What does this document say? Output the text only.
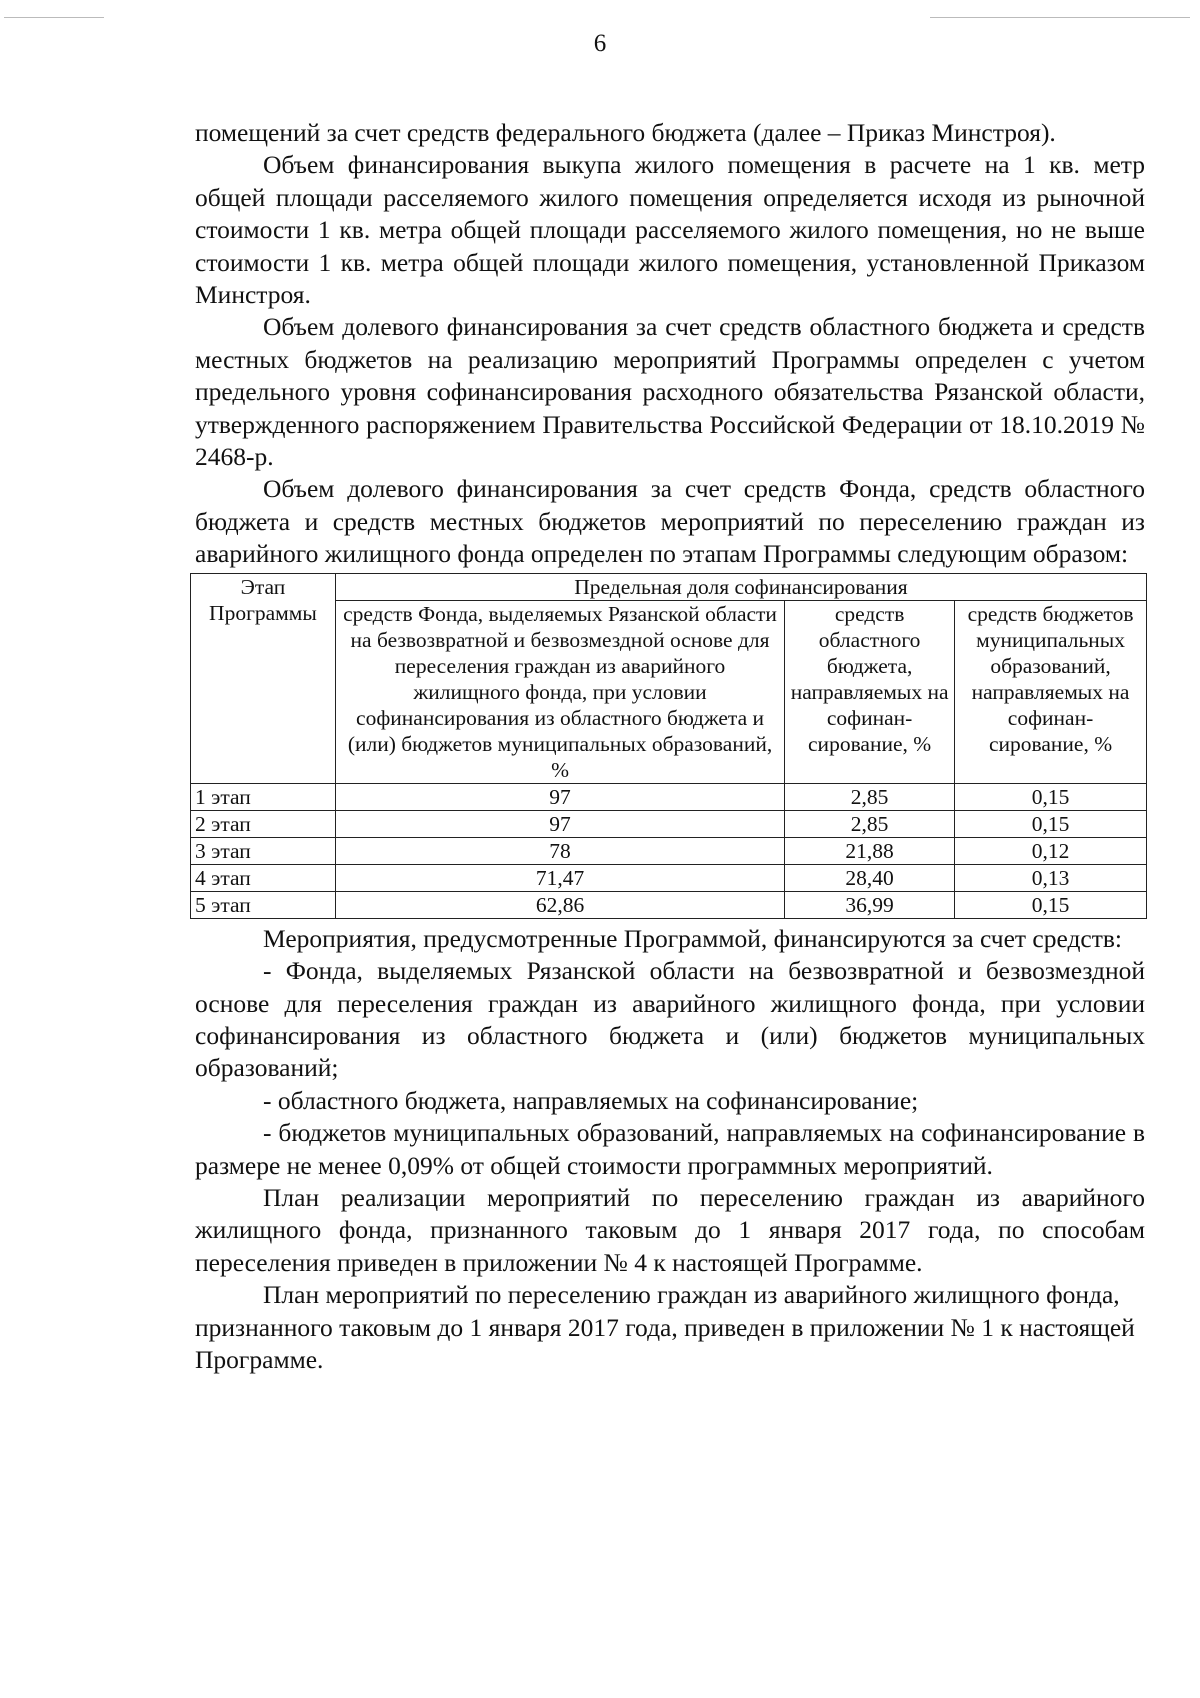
6

помещений за счет средств федерального бюджета (далее – Приказ Минстроя).

Объем финансирования выкупа жилого помещения в расчете на 1 кв. метр общей площади расселяемого жилого помещения определяется исходя из рыночной стоимости 1 кв. метра общей площади расселяемого жилого помещения, но не выше стоимости 1 кв. метра общей площади жилого помещения, установленной Приказом Минстроя.

Объем долевого финансирования за счет средств областного бюджета и средств местных бюджетов на реализацию мероприятий Программы определен с учетом предельного уровня софинансирования расходного обязательства Рязанской области, утвержденного распоряжением Правительства Российской Федерации от 18.10.2019 № 2468-р.

Объем долевого финансирования за счет средств Фонда, средств областного бюджета и средств местных бюджетов мероприятий по переселению граждан из аварийного жилищного фонда определен по этапам Программы следующим образом:

Этап Программы	Предельная доля софинансирования		
	средств Фонда, выделяемых Рязанской области на безвозвратной и безвозмездной основе для переселения граждан из аварийного жилищного фонда, при условии софинансирования из областного бюджета и (или) бюджетов муниципальных образований, %	средств областного бюджета, направляемых на софинан-сирование, %	средств бюджетов муниципальных образований, направляемых на софинан-сирование, %
1 этап	97	2,85	0,15
2 этап	97	2,85	0,15
3 этап	78	21,88	0,12
4 этап	71,47	28,40	0,13
5 этап	62,86	36,99	0,15

Мероприятия, предусмотренные Программой, финансируются за счет средств:

- Фонда, выделяемых Рязанской области на безвозвратной и безвозмездной основе для переселения граждан из аварийного жилищного фонда, при условии софинансирования из областного бюджета и (или) бюджетов муниципальных образований;

- областного бюджета, направляемых на софинансирование;

- бюджетов муниципальных образований, направляемых на софинансирование в размере не менее 0,09% от общей стоимости программных мероприятий.

План реализации мероприятий по переселению граждан из аварийного жилищного фонда, признанного таковым до 1 января 2017 года, по способам переселения приведен в приложении № 4 к настоящей Программе.

План мероприятий по переселению граждан из аварийного жилищного фонда, признанного таковым до 1 января 2017 года, приведен в приложении № 1 к настоящей Программе.
